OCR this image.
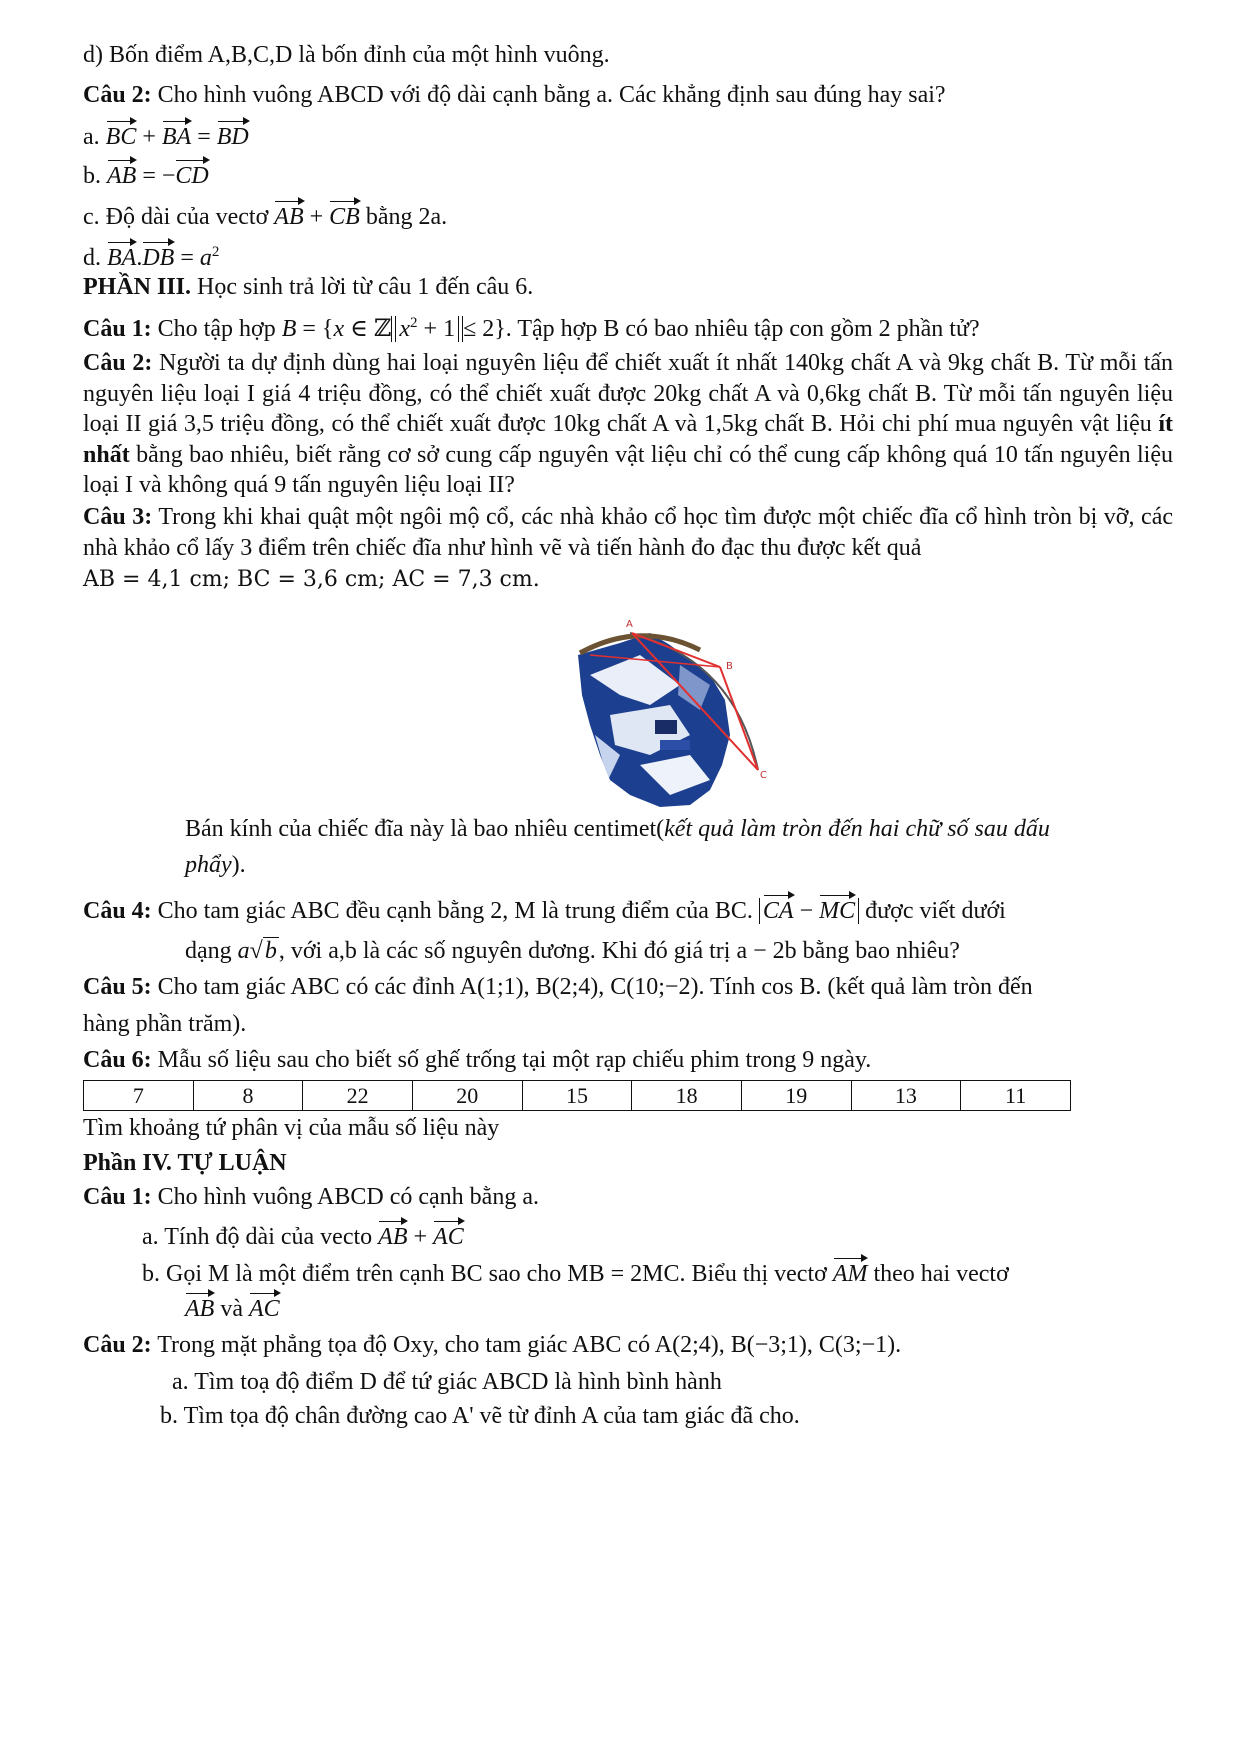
d) Bốn điểm A,B,C,D là bốn đỉnh của một hình vuông.
Câu 2: Cho hình vuông ABCD với độ dài cạnh bằng a. Các khẳng định sau đúng hay sai?
a. BC + BA = BD
b. AB = −CD
c. Độ dài của vectơ AB + CB bằng 2a.
d. $BA.DB = a^2$
PHẦN III. Học sinh trả lời từ câu 1 đến câu 6.
Câu 1: Cho tập hợp B = {x ∈ ℤ $x^2 + 1 \le 2$}. Tập hợp B có bao nhiêu tập con gồm 2 phần tử?
Câu 2: Người ta dự định dùng hai loại nguyên liệu để chiết xuất ít nhất 140kg chất A và 9kg chất B. Từ mỗi tấn nguyên liệu loại I giá 4 triệu đồng, có thể chiết xuất được 20kg chất A và 0,6kg chất B. Từ mỗi tấn nguyên liệu loại II giá 3,5 triệu đồng, có thể chiết xuất được 10kg chất A và 1,5kg chất B. Hỏi chi phí mua nguyên vật liệu ít nhất bằng bao nhiêu, biết rằng cơ sở cung cấp nguyên vật liệu chỉ có thể cung cấp không quá 10 tấn nguyên liệu loại I và không quá 9 tấn nguyên liệu loại II?
Câu 3: Trong khi khai quật một ngôi mộ cổ, các nhà khảo cổ học tìm được một chiếc đĩa cổ hình tròn bị vỡ, các nhà khảo cổ lấy 3 điểm trên chiếc đĩa như hình vẽ và tiến hành đo đạc thu được kết quả
AB = 4,1 cm; BC = 3,6 cm; AC = 7,3 cm.
A
B
C
Bán kính của chiếc đĩa này là bao nhiêu centimet(kết quả làm tròn đến hai chữ số sau dấu
phẩy).
Câu 4: Cho tam giác ABC đều cạnh bằng 2, M là trung điểm của BC. CA − MC được viết dưới
dạng a√b, với a,b là các số nguyên dương. Khi đó giá trị a − 2b bằng bao nhiêu?
Câu 5: Cho tam giác ABC có các đỉnh A(1;1), B(2;4), C(10;−2). Tính cos B. (kết quả làm tròn đến
hàng phần trăm).
Câu 6: Mẫu số liệu sau cho biết số ghế trống tại một rạp chiếu phim trong 9 ngày.
7	8	22	20	15	18	19	13	11
Tìm khoảng tứ phân vị của mẫu số liệu này
Phần IV. TỰ LUẬN
Câu 1: Cho hình vuông ABCD có cạnh bằng a.
a. Tính độ dài của vecto AB + AC
b. Gọi M là một điểm trên cạnh BC sao cho MB = 2MC. Biểu thị vectơ AM theo hai vectơ
AB và AC
Câu 2: Trong mặt phẳng tọa độ Oxy, cho tam giác ABC có A(2;4), B(−3;1), C(3;−1).
a. Tìm toạ độ điểm D để tứ giác ABCD là hình bình hành
b. Tìm tọa độ chân đường cao A' vẽ từ đỉnh A của tam giác đã cho.
